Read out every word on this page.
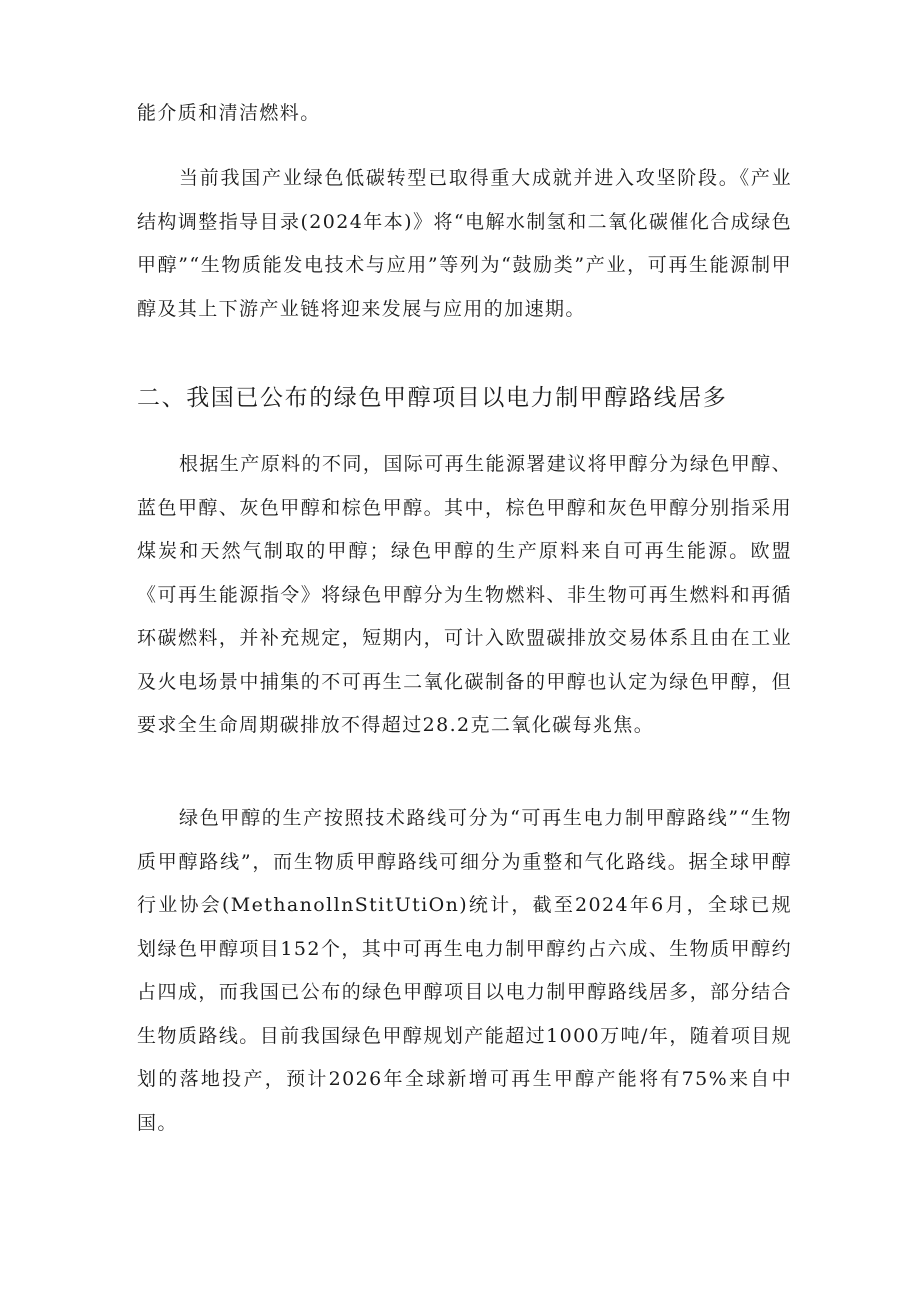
能介质和清洁燃料。

当前我国产业绿色低碳转型已取得重大成就并进入攻坚阶段。《产业结构调整指导目录(2024年本)》将“电解水制氢和二氧化碳催化合成绿色甲醇”“生物质能发电技术与应用”等列为“鼓励类”产业，可再生能源制甲醇及其上下游产业链将迎来发展与应用的加速期。

二、我国已公布的绿色甲醇项目以电力制甲醇路线居多

根据生产原料的不同，国际可再生能源署建议将甲醇分为绿色甲醇、蓝色甲醇、灰色甲醇和棕色甲醇。其中，棕色甲醇和灰色甲醇分别指采用煤炭和天然气制取的甲醇；绿色甲醇的生产原料来自可再生能源。欧盟《可再生能源指令》将绿色甲醇分为生物燃料、非生物可再生燃料和再循环碳燃料，并补充规定，短期内，可计入欧盟碳排放交易体系且由在工业及火电场景中捕集的不可再生二氧化碳制备的甲醇也认定为绿色甲醇，但要求全生命周期碳排放不得超过28.2克二氧化碳每兆焦。

绿色甲醇的生产按照技术路线可分为“可再生电力制甲醇路线”“生物质甲醇路线”，而生物质甲醇路线可细分为重整和气化路线。据全球甲醇行业协会(MethanollnStitUtiOn)统计，截至2024年6月，全球已规划绿色甲醇项目152个，其中可再生电力制甲醇约占六成、生物质甲醇约占四成，而我国已公布的绿色甲醇项目以电力制甲醇路线居多，部分结合生物质路线。目前我国绿色甲醇规划产能超过1000万吨/年，随着项目规划的落地投产，预计2026年全球新增可再生甲醇产能将有75%来自中国。
